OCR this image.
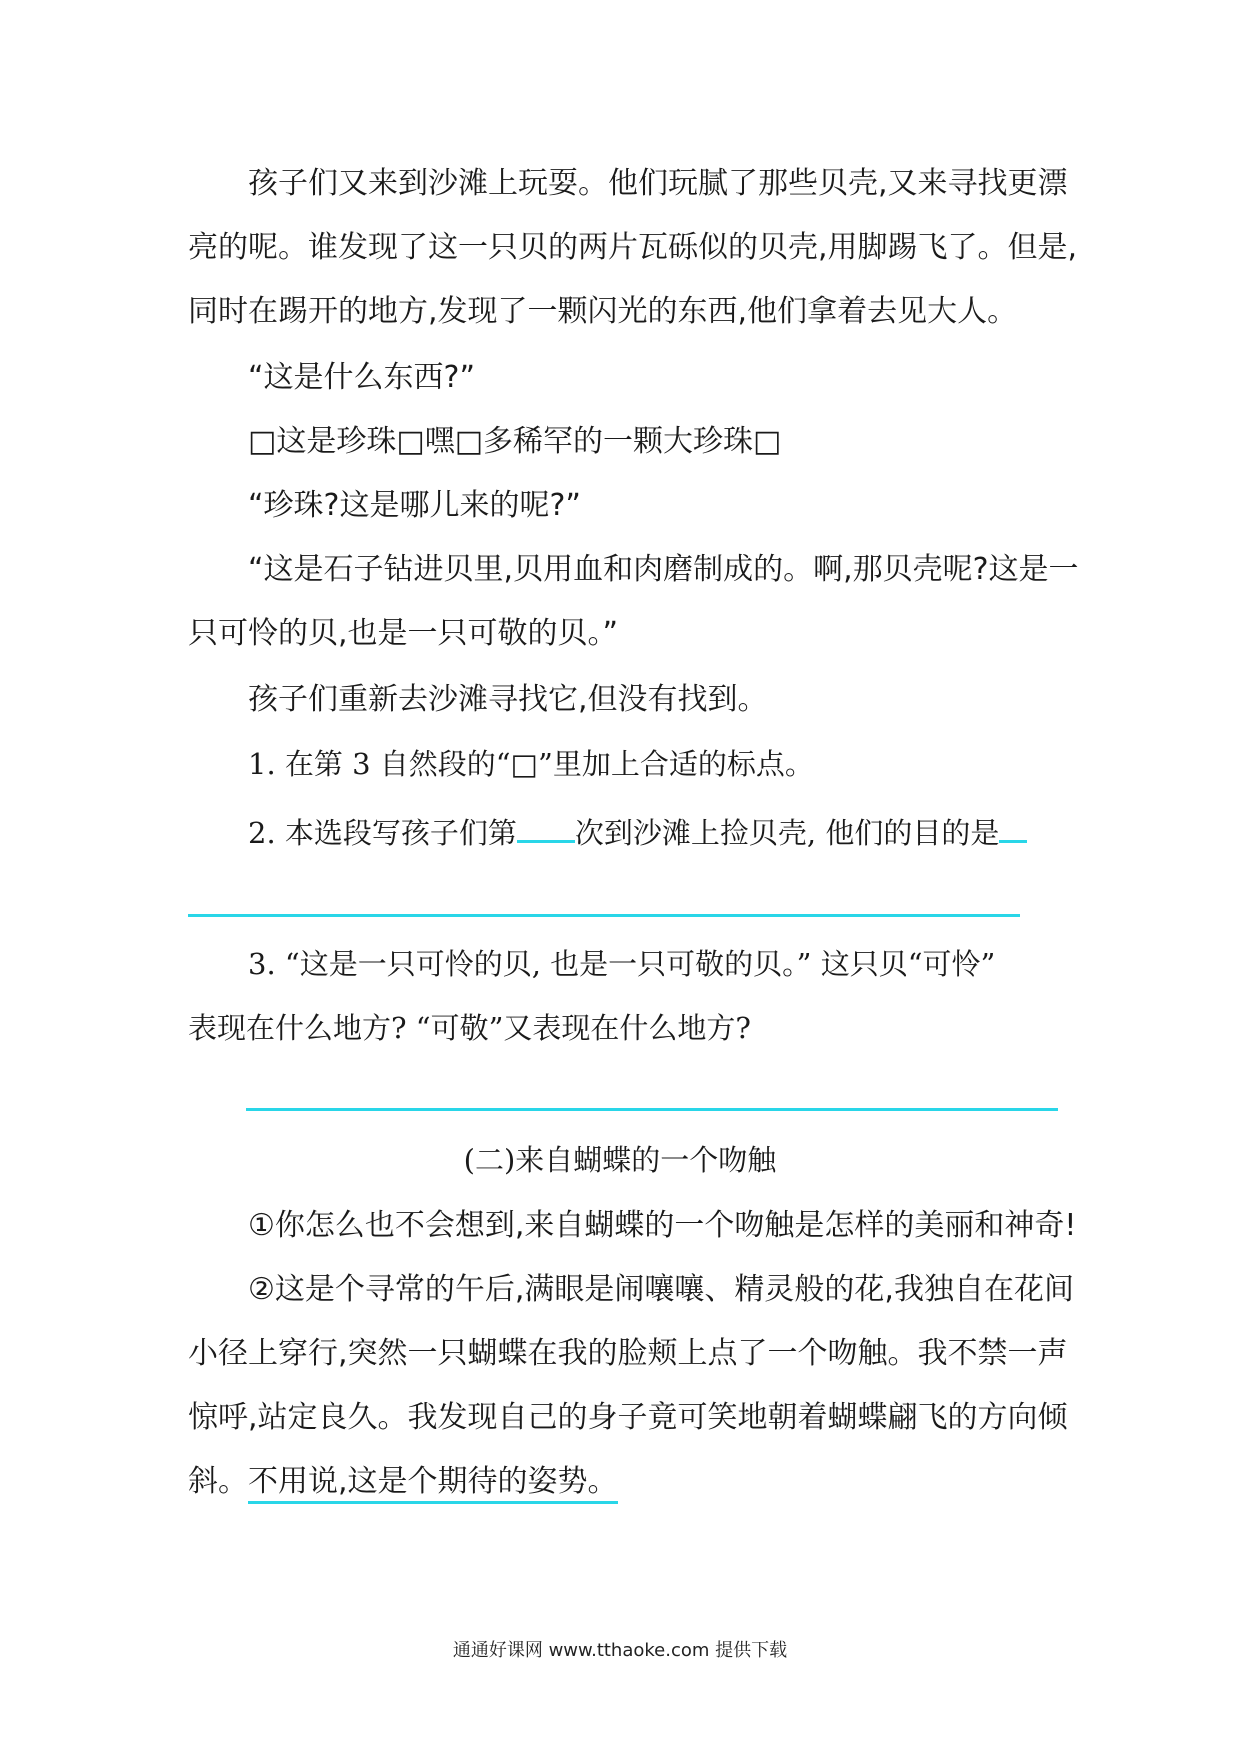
孩子们又来到沙滩上玩耍。他们玩腻了那些贝壳,又来寻找更漂
亮的呢。谁发现了这一只贝的两片瓦砾似的贝壳,用脚踢飞了。但是,
同时在踢开的地方,发现了一颗闪光的东西,他们拿着去见大人。
“这是什么东西?”
□这是珍珠□嘿□多稀罕的一颗大珍珠□
“珍珠?这是哪儿来的呢?”
“这是石子钻进贝里,贝用血和肉磨制成的。啊,那贝壳呢?这是一
只可怜的贝,也是一只可敬的贝。”
孩子们重新去沙滩寻找它,但没有找到。
1. 在第 3 自然段的“□”里加上合适的标点。
2. 本选段写孩子们第 次到沙滩上捡贝壳, 他们的目的是
3. “这是一只可怜的贝, 也是一只可敬的贝。” 这只贝“可怜”
表现在什么地方? “可敬”又表现在什么地方?
(二)来自蝴蝶的一个吻触
①你怎么也不会想到,来自蝴蝶的一个吻触是怎样的美丽和神奇!
②这是个寻常的午后,满眼是闹嚷嚷、精灵般的花,我独自在花间
小径上穿行,突然一只蝴蝶在我的脸颊上点了一个吻触。我不禁一声
惊呼,站定良久。我发现自己的身子竟可笑地朝着蝴蝶翩飞的方向倾
斜。不用说,这是个期待的姿势。
通通好课网 www.tthaoke.com 提供下载
